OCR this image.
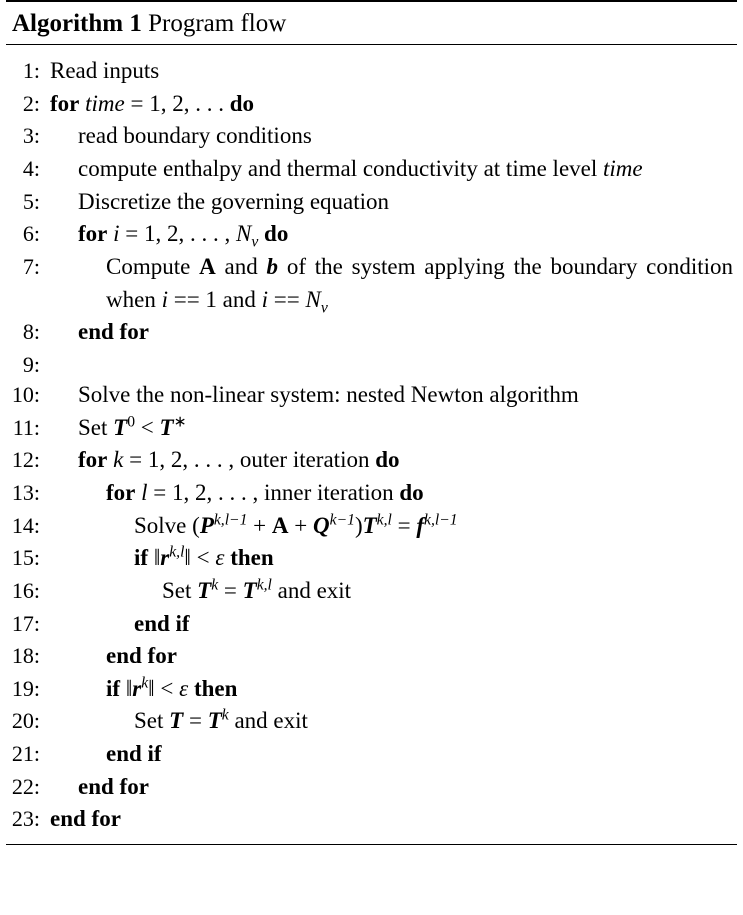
Algorithm 1 Program flow
1: Read inputs
2: for time = 1, 2, . . . do
3:	read boundary conditions
4:	compute enthalpy and thermal conductivity at time level time
5:	Discretize the governing equation
6:	for i = 1, 2, . . . , $N_v$ do
7:	Compute A and b of the system applying the boundary condition when i == 1 and $i == N_v$
8:	end for
9:

10:	Solve the non-linear system: nested Newton algorithm
11:	Set $T^0 < T^∗$
12:	for k = 1, 2, . . . , outer iteration do
13:	for l = 1, 2, . . . , inner iteration do
14:	Solve $(P^{k,l-1} + A + Q^{k-1})T^{k,l} = f^{k,l-1}$
15:	if $‖r^{k,l}‖ < \varepsilon$ then
16:	Set $T^k = T^{k,l}$ and exit
17:	end if
18:	end for
19:	if $‖r^k‖ < \varepsilon$ then
20:	Set $T = T^k$ and exit
21:	end if
22:	end for
23: end for
